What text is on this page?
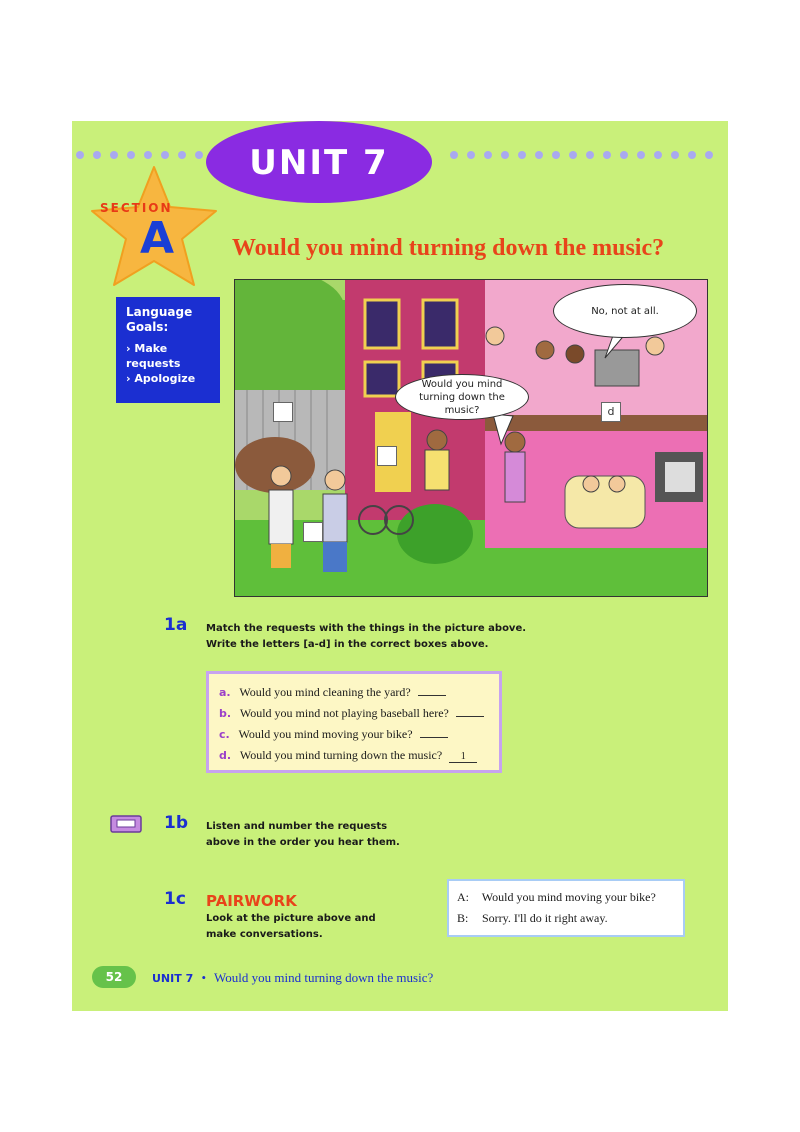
UNIT 7
SECTION
A Would you mind turning down the music?
Language Goals:
› Make requests
› Apologize
No, not at all.
Would you mind turning down the music?	d
1a Match the requests with the things in the picture above.
Write the letters [a-d] in the correct boxes above.
a. Would you mind cleaning the yard?
b. Would you mind not playing baseball here?
c. Would you mind moving your bike?
d. Would you mind turning down the music? 1
1b Listen and number the requests
above in the order you hear them.
1c PAIRWORK
Look at the picture above and
make conversations.
A: Would you mind moving your bike?
B: Sorry. I'll do it right away.
52	UNIT 7 • Would you mind turning down the music?
